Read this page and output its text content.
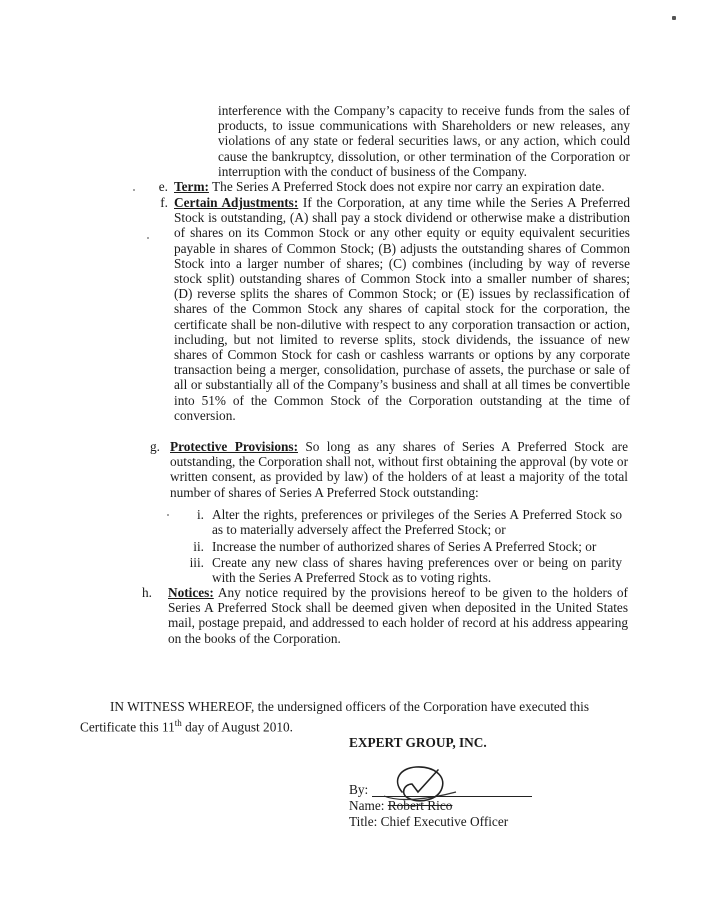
interference with the Company’s capacity to receive funds from the sales of products, to issue communications with Shareholders or new releases, any violations of any state or federal securities laws, or any action, which could cause the bankruptcy, dissolution, or other termination of the Corporation or interruption with the conduct of business of the Company.

e. Term: The Series A Preferred Stock does not expire nor carry an expiration date.
f. Certain Adjustments: If the Corporation, at any time while the Series A Preferred Stock is outstanding, (A) shall pay a stock dividend or otherwise make a distribution of shares on its Common Stock or any other equity or equity equivalent securities payable in shares of Common Stock; (B) adjusts the outstanding shares of Common Stock into a larger number of shares; (C) combines (including by way of reverse stock split) outstanding shares of Common Stock into a smaller number of shares; (D) reverse splits the shares of Common Stock; or (E) issues by reclassification of shares of the Common Stock any shares of capital stock for the corporation, the certificate shall be non-dilutive with respect to any corporation transaction or action, including, but not limited to reverse splits, stock dividends, the issuance of new shares of Common Stock for cash or cashless warrants or options by any corporate transaction being a merger, consolidation, purchase of assets, the purchase or sale of all or substantially all of the Company’s business and shall at all times be convertible into 51% of the Common Stock of the Corporation outstanding at the time of conversion.
g. Protective Provisions: So long as any shares of Series A Preferred Stock are outstanding, the Corporation shall not, without first obtaining the approval (by vote or written consent, as provided by law) of the holders of at least a majority of the total number of shares of Series A Preferred Stock outstanding:
i. Alter the rights, preferences or privileges of the Series A Preferred Stock so as to materially adversely affect the Preferred Stock; or
ii. Increase the number of authorized shares of Series A Preferred Stock; or
iii. Create any new class of shares having preferences over or being on parity with the Series A Preferred Stock as to voting rights.
h. Notices: Any notice required by the provisions hereof to be given to the holders of Series A Preferred Stock shall be deemed given when deposited in the United States mail, postage prepaid, and addressed to each holder of record at his address appearing on the books of the Corporation.

IN WITNESS WHEREOF, the undersigned officers of the Corporation have executed this Certificate this 11th day of August 2010.

EXPERT GROUP, INC.
By:
Name: Robert Rico
Title: Chief Executive Officer
